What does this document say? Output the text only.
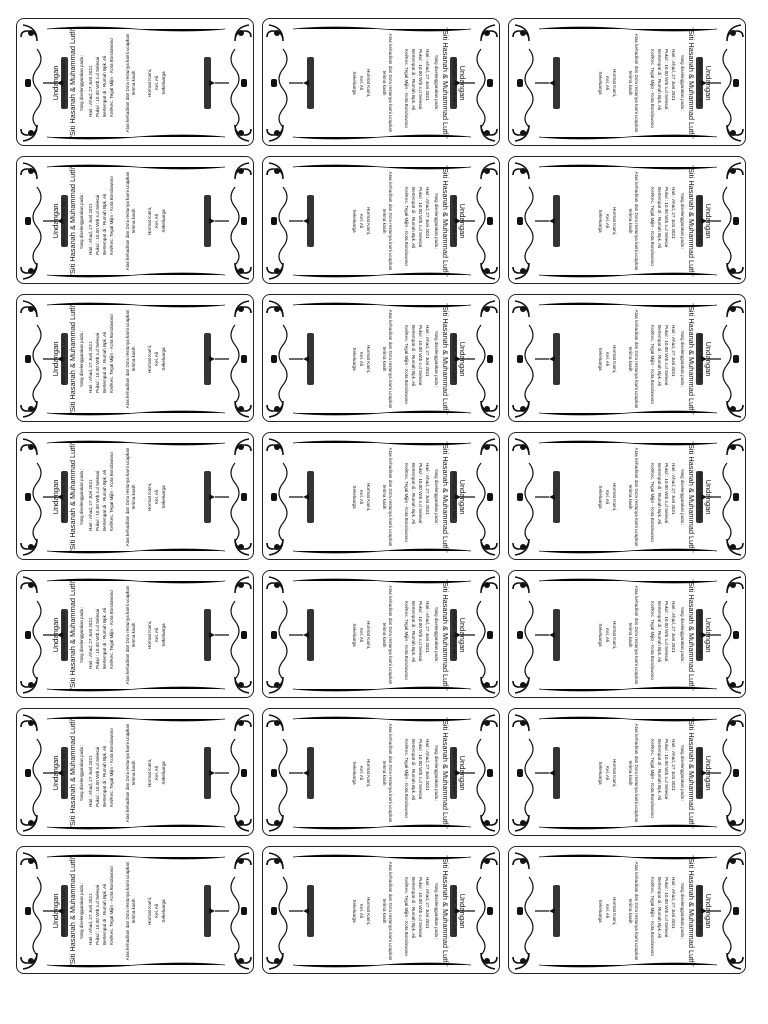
Undangan
Walimatul ursy anak kami :
"Siti Hasanah & Muhammad Lutfi"
Yang diselenggarakan pada :
Hari : Ahad, 27 Juni 2021
Pukul : 10.00 WIb s.d Selesai
Bertempat di : Rumah Bpk. Ali
Kel/Kec. Tegal Mijin - Kota Bondowoso
Atas kehadiran dan Do'a restunya kami ucapkan
terima kasih
Hormat Kami,
Kel. Ali
Sekeluarga
Undangan
Walimatul ursy anak kami :
"Siti Hasanah & Muhammad Lutfi"
Yang diselenggarakan pada :
Hari : Ahad, 27 Juni 2021
Pukul : 10.00 WIb s.d Selesai
Bertempat di : Rumah Bpk. Ali
Kel/Kec. Tegal Mijin - Kota Bondowoso
Atas kehadiran dan Do'a restunya kami ucapkan
terima kasih
Hormat Kami,
Kel. Ali
Sekeluarga
Undangan
Walimatul ursy anak kami :
"Siti Hasanah & Muhammad Lutfi"
Yang diselenggarakan pada :
Hari : Ahad, 27 Juni 2021
Pukul : 10.00 WIb s.d Selesai
Bertempat di : Rumah Bpk. Ali
Kel/Kec. Tegal Mijin - Kota Bondowoso
Atas kehadiran dan Do'a restunya kami ucapkan
terima kasih
Hormat Kami,
Kel. Ali
Sekeluarga
Undangan
Walimatul ursy anak kami :
"Siti Hasanah & Muhammad Lutfi"
Yang diselenggarakan pada :
Hari : Ahad, 27 Juni 2021
Pukul : 10.00 WIb s.d Selesai
Bertempat di : Rumah Bpk. Ali
Kel/Kec. Tegal Mijin - Kota Bondowoso
Atas kehadiran dan Do'a restunya kami ucapkan
terima kasih
Hormat Kami,
Kel. Ali
Sekeluarga
Undangan
Walimatul ursy anak kami :
"Siti Hasanah & Muhammad Lutfi"
Yang diselenggarakan pada :
Hari : Ahad, 27 Juni 2021
Pukul : 10.00 WIb s.d Selesai
Bertempat di : Rumah Bpk. Ali
Kel/Kec. Tegal Mijin - Kota Bondowoso
Atas kehadiran dan Do'a restunya kami ucapkan
terima kasih
Hormat Kami,
Kel. Ali
Sekeluarga
Undangan
Walimatul ursy anak kami :
"Siti Hasanah & Muhammad Lutfi"
Yang diselenggarakan pada :
Hari : Ahad, 27 Juni 2021
Pukul : 10.00 WIb s.d Selesai
Bertempat di : Rumah Bpk. Ali
Kel/Kec. Tegal Mijin - Kota Bondowoso
Atas kehadiran dan Do'a restunya kami ucapkan
terima kasih
Hormat Kami,
Kel. Ali
Sekeluarga
Undangan
Walimatul ursy anak kami :
"Siti Hasanah & Muhammad Lutfi"
Yang diselenggarakan pada :
Hari : Ahad, 27 Juni 2021
Pukul : 10.00 WIb s.d Selesai
Bertempat di : Rumah Bpk. Ali
Kel/Kec. Tegal Mijin - Kota Bondowoso
Atas kehadiran dan Do'a restunya kami ucapkan
terima kasih
Hormat Kami,
Kel. Ali
Sekeluarga
Undangan
Walimatul ursy anak kami :
"Siti Hasanah & Muhammad Lutfi"
Yang diselenggarakan pada :
Hari : Ahad, 27 Juni 2021
Pukul : 10.00 WIb s.d Selesai
Bertempat di : Rumah Bpk. Ali
Kel/Kec. Tegal Mijin - Kota Bondowoso
Atas kehadiran dan Do'a restunya kami ucapkan
terima kasih
Hormat Kami,
Kel. Ali
Sekeluarga
Undangan
Walimatul ursy anak kami :
"Siti Hasanah & Muhammad Lutfi"
Yang diselenggarakan pada :
Hari : Ahad, 27 Juni 2021
Pukul : 10.00 WIb s.d Selesai
Bertempat di : Rumah Bpk. Ali
Kel/Kec. Tegal Mijin - Kota Bondowoso
Atas kehadiran dan Do'a restunya kami ucapkan
terima kasih
Hormat Kami,
Kel. Ali
Sekeluarga
Undangan
Walimatul ursy anak kami :
"Siti Hasanah & Muhammad Lutfi"
Yang diselenggarakan pada :
Hari : Ahad, 27 Juni 2021
Pukul : 10.00 WIb s.d Selesai
Bertempat di : Rumah Bpk. Ali
Kel/Kec. Tegal Mijin - Kota Bondowoso
Atas kehadiran dan Do'a restunya kami ucapkan
terima kasih
Hormat Kami,
Kel. Ali
Sekeluarga
Undangan
Walimatul ursy anak kami :
"Siti Hasanah & Muhammad Lutfi"
Yang diselenggarakan pada :
Hari : Ahad, 27 Juni 2021
Pukul : 10.00 WIb s.d Selesai
Bertempat di : Rumah Bpk. Ali
Kel/Kec. Tegal Mijin - Kota Bondowoso
Atas kehadiran dan Do'a restunya kami ucapkan
terima kasih
Hormat Kami,
Kel. Ali
Sekeluarga
Undangan
Walimatul ursy anak kami :
"Siti Hasanah & Muhammad Lutfi"
Yang diselenggarakan pada :
Hari : Ahad, 27 Juni 2021
Pukul : 10.00 WIb s.d Selesai
Bertempat di : Rumah Bpk. Ali
Kel/Kec. Tegal Mijin - Kota Bondowoso
Atas kehadiran dan Do'a restunya kami ucapkan
terima kasih
Hormat Kami,
Kel. Ali
Sekeluarga
Undangan
Walimatul ursy anak kami :
"Siti Hasanah & Muhammad Lutfi"
Yang diselenggarakan pada :
Hari : Ahad, 27 Juni 2021
Pukul : 10.00 WIb s.d Selesai
Bertempat di : Rumah Bpk. Ali
Kel/Kec. Tegal Mijin - Kota Bondowoso
Atas kehadiran dan Do'a restunya kami ucapkan
terima kasih
Hormat Kami,
Kel. Ali
Sekeluarga
Undangan
Walimatul ursy anak kami :
"Siti Hasanah & Muhammad Lutfi"
Yang diselenggarakan pada :
Hari : Ahad, 27 Juni 2021
Pukul : 10.00 WIb s.d Selesai
Bertempat di : Rumah Bpk. Ali
Kel/Kec. Tegal Mijin - Kota Bondowoso
Atas kehadiran dan Do'a restunya kami ucapkan
terima kasih
Hormat Kami,
Kel. Ali
Sekeluarga
Undangan Walimatul ursy anak kami : "Siti Hasanah & Muhammad Lutfi" Yang diselenggarakan pada : Hari : Ahad, 27 Juni 2021 Pukul : 10.00 WIb s.d Selesai Bertempat di : Rumah Bpk. Ali Kel/Kec. Tegal Mijin - Kota Bondowoso Atas kehadiran dan Do'a restunya kami ucapkan
terima kasih Hormat Kami, Kel. Ali Sekeluarga
Undangan Walimatul ursy anak kami : "Siti Hasanah & Muhammad Lutfi" Yang diselenggarakan pada : Hari : Ahad, 27 Juni 2021 Pukul : 10.00 WIb s.d Selesai Bertempat di : Rumah Bpk. Ali Kel/Kec. Tegal Mijin - Kota Bondowoso Atas kehadiran dan Do'a restunya kami ucapkan
terima kasih Hormat Kami, Kel. Ali Sekeluarga
Undangan Walimatul ursy anak kami : "Siti Hasanah & Muhammad Lutfi" Yang diselenggarakan pada : Hari : Ahad, 27 Juni 2021 Pukul : 10.00 WIb s.d Selesai Bertempat di : Rumah Bpk. Ali Kel/Kec. Tegal Mijin - Kota Bondowoso Atas kehadiran dan Do'a restunya kami ucapkan
terima kasih Hormat Kami, Kel. Ali Sekeluarga
Undangan Walimatul ursy anak kami : "Siti Hasanah & Muhammad Lutfi" Yang diselenggarakan pada : Hari : Ahad, 27 Juni 2021 Pukul : 10.00 WIb s.d Selesai Bertempat di : Rumah Bpk. Ali Kel/Kec. Tegal Mijin - Kota Bondowoso Atas kehadiran dan Do'a restunya kami ucapkan
terima kasih Hormat Kami, Kel. Ali Sekeluarga
Undangan Walimatul ursy anak kami : "Siti Hasanah & Muhammad Lutfi" Yang diselenggarakan pada : Hari : Ahad, 27 Juni 2021 Pukul : 10.00 WIb s.d Selesai Bertempat di : Rumah Bpk. Ali Kel/Kec. Tegal Mijin - Kota Bondowoso Atas kehadiran dan Do'a restunya kami ucapkan
terima kasih Hormat Kami, Kel. Ali Sekeluarga
Undangan Walimatul ursy anak kami : "Siti Hasanah & Muhammad Lutfi" Yang diselenggarakan pada : Hari : Ahad, 27 Juni 2021 Pukul : 10.00 WIb s.d Selesai Bertempat di : Rumah Bpk. Ali Kel/Kec. Tegal Mijin - Kota Bondowoso Atas kehadiran dan Do'a restunya kami ucapkan
terima kasih Hormat Kami, Kel. Ali Sekeluarga
Undangan Walimatul ursy anak kami : "Siti Hasanah & Muhammad Lutfi" Yang diselenggarakan pada : Hari : Ahad, 27 Juni 2021 Pukul : 10.00 WIb s.d Selesai Bertempat di : Rumah Bpk. Ali Kel/Kec. Tegal Mijin - Kota Bondowoso Atas kehadiran dan Do'a restunya kami ucapkan
terima kasih Hormat Kami, Kel. Ali Sekeluarga
